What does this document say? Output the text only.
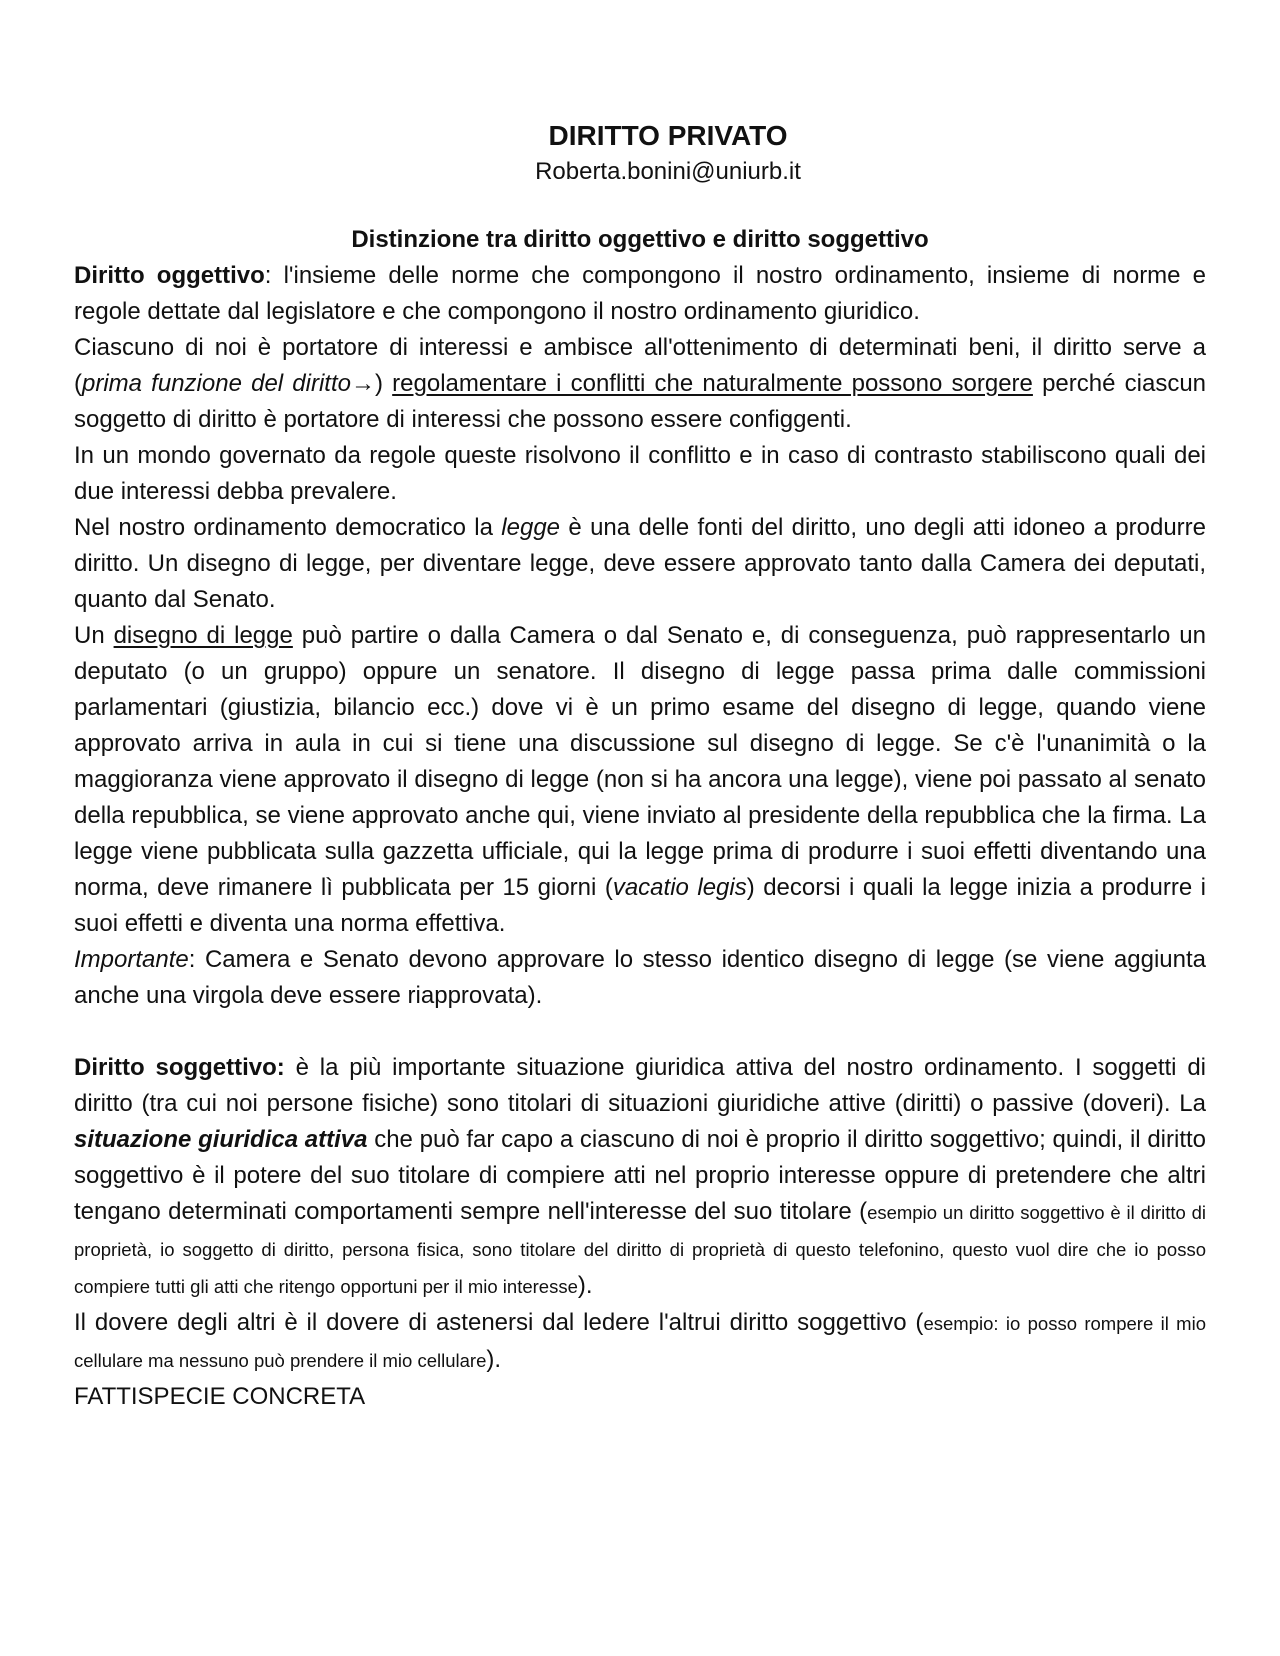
DIRITTO PRIVATO
Roberta.bonini@uniurb.it
Distinzione tra diritto oggettivo e diritto soggettivo

Diritto oggettivo: l'insieme delle norme che compongono il nostro ordinamento, insieme di norme e regole dettate dal legislatore e che compongono il nostro ordinamento giuridico.

Ciascuno di noi è portatore di interessi e ambisce all'ottenimento di determinati beni, il diritto serve a (prima funzione del diritto→) regolamentare i conflitti che naturalmente possono sorgere perché ciascun soggetto di diritto è portatore di interessi che possono essere configgenti.

In un mondo governato da regole queste risolvono il conflitto e in caso di contrasto stabiliscono quali dei due interessi debba prevalere.

Nel nostro ordinamento democratico la legge è una delle fonti del diritto, uno degli atti idoneo a produrre diritto. Un disegno di legge, per diventare legge, deve essere approvato tanto dalla Camera dei deputati, quanto dal Senato.

Un disegno di legge può partire o dalla Camera o dal Senato e, di conseguenza, può rappresentarlo un deputato (o un gruppo) oppure un senatore. Il disegno di legge passa prima dalle commissioni parlamentari (giustizia, bilancio ecc.) dove vi è un primo esame del disegno di legge, quando viene approvato arriva in aula in cui si tiene una discussione sul disegno di legge. Se c'è l'unanimità o la maggioranza viene approvato il disegno di legge (non si ha ancora una legge), viene poi passato al senato della repubblica, se viene approvato anche qui, viene inviato al presidente della repubblica che la firma. La legge viene pubblicata sulla gazzetta ufficiale, qui la legge prima di produrre i suoi effetti diventando una norma, deve rimanere lì pubblicata per 15 giorni (vacatio legis) decorsi i quali la legge inizia a produrre i suoi effetti e diventa una norma effettiva.

Importante: Camera e Senato devono approvare lo stesso identico disegno di legge (se viene aggiunta anche una virgola deve essere riapprovata).

Diritto soggettivo: è la più importante situazione giuridica attiva del nostro ordinamento. I soggetti di diritto (tra cui noi persone fisiche) sono titolari di situazioni giuridiche attive (diritti) o passive (doveri). La situazione giuridica attiva che può far capo a ciascuno di noi è proprio il diritto soggettivo; quindi, il diritto soggettivo è il potere del suo titolare di compiere atti nel proprio interesse oppure di pretendere che altri tengano determinati comportamenti sempre nell'interesse del suo titolare (esempio un diritto soggettivo è il diritto di proprietà, io soggetto di diritto, persona fisica, sono titolare del diritto di proprietà di questo telefonino, questo vuol dire che io posso compiere tutti gli atti che ritengo opportuni per il mio interesse).

Il dovere degli altri è il dovere di astenersi dal ledere l'altrui diritto soggettivo (esempio: io posso rompere il mio cellulare ma nessuno può prendere il mio cellulare).

FATTISPECIE CONCRETA
